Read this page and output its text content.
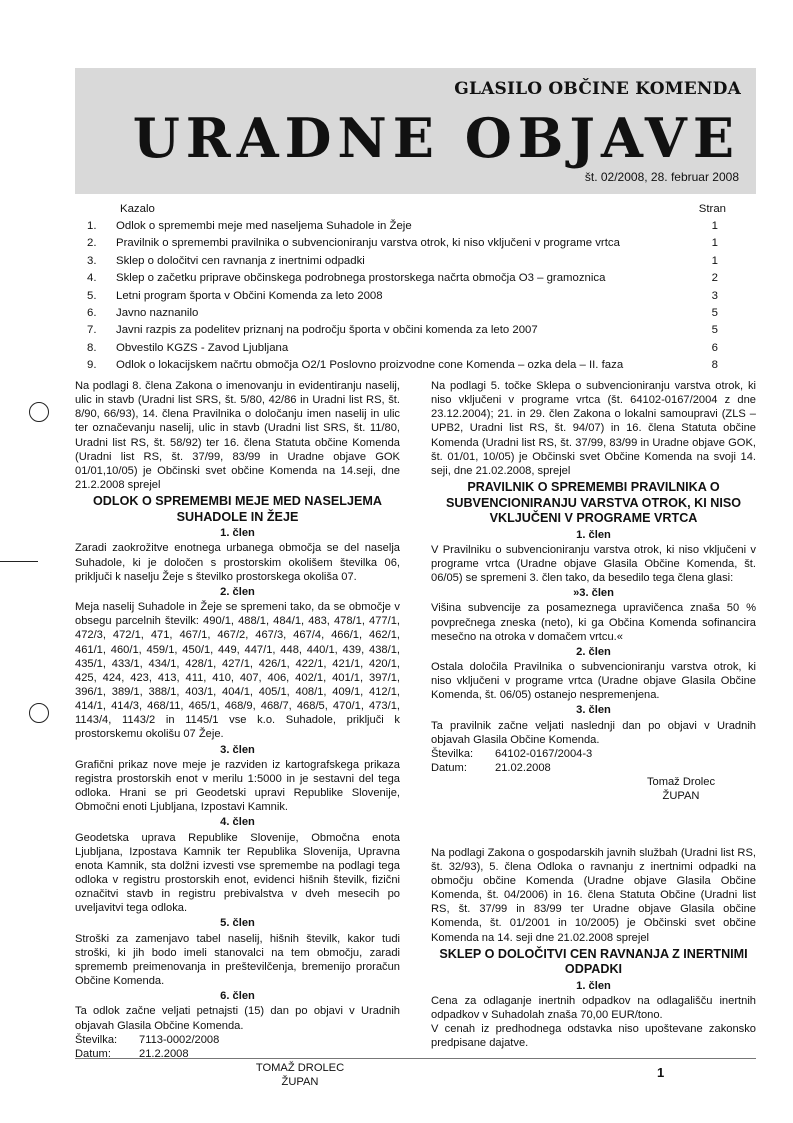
GLASILO OBČINE KOMENDA
URADNE OBJAVE
št. 02/2008, 28. februar 2008
Kazalo	Stran
1. Odlok o spremembi meje med naseljema Suhadole in Žeje	1
2. Pravilnik o spremembi pravilnika o subvencioniranju varstva otrok, ki niso vključeni v programe vrtca	1
3. Sklep o določitvi cen ravnanja z inertnimi odpadki	1
4. Sklep o začetku priprave občinskega podrobnega prostorskega načrta območja O3 – gramoznica	2
5. Letni program športa v Občini Komenda za leto 2008	3
6. Javno naznanilo	5
7. Javni razpis za podelitev priznanj na področju športa v občini komenda za leto 2007	5
8. Obvestilo KGZS - Zavod Ljubljana	6
9. Odlok o lokacijskem načrtu območja O2/1 Poslovno proizvodne cone Komenda – ozka dela – II. faza	8

Na podlagi 8. člena Zakona o imenovanju in evidentiranju naselij, ulic in stavb (Uradni list SRS, št. 5/80, 42/86 in Uradni list RS, št. 8/90, 66/93), 14. člena Pravilnika o določanju imen naselij in ulic ter označevanju naselij, ulic in stavb (Uradni list SRS, št. 11/80, Uradni list RS, št. 58/92) ter 16. člena Statuta občine Komenda (Uradni list RS, št. 37/99, 83/99 in Uradne objave GOK 01/01,10/05) je Občinski svet občine Komenda na 14.seji, dne 21.2.2008 sprejel

ODLOK O SPREMEMBI MEJE MED NASELJEMA SUHADOLE IN ŽEJE
1. člen

Zaradi zaokrožitve enotnega urbanega območja se del naselja Suhadole, ki je določen s prostorskim okolišem številka 06, priključi k naselju Žeje s številko prostorskega okoliša 07.

2. člen

Meja naselij Suhadole in Žeje se spremeni tako, da se območje v obsegu parcelnih številk: 490/1, 488/1, 484/1, 483, 478/1, 477/1, 472/3, 472/1, 471, 467/1, 467/2, 467/3, 467/4, 466/1, 462/1, 461/1, 460/1, 459/1, 450/1, 449, 447/1, 448, 440/1, 439, 438/1, 435/1, 433/1, 434/1, 428/1, 427/1, 426/1, 422/1, 421/1, 420/1, 425, 424, 423, 413, 411, 410, 407, 406, 402/1, 401/1, 397/1, 396/1, 389/1, 388/1, 403/1, 404/1, 405/1, 408/1, 409/1, 412/1, 414/1, 414/3, 468/11, 465/1, 468/9, 468/7, 468/5, 470/1, 473/1, 1143/4, 1143/2 in 1145/1 vse k.o. Suhadole, priključi k prostorskemu okolišu 07 Žeje.

3. člen

Grafični prikaz nove meje je razviden iz kartografskega prikaza registra prostorskih enot v merilu 1:5000 in je sestavni del tega odloka. Hrani se pri Geodetski upravi Republike Slovenije, Območni enoti Ljubljana, Izpostavi Kamnik.

4. člen

Geodetska uprava Republike Slovenije, Območna enota Ljubljana, Izpostava Kamnik ter Republika Slovenija, Upravna enota Kamnik, sta dolžni izvesti vse spremembe na podlagi tega odloka v registru prostorskih enot, evidenci hišnih številk, fizični označitvi stavb in registru prebivalstva v dveh mesecih po uveljavitvi tega odloka.

5. člen

Stroški za zamenjavo tabel naselij, hišnih številk, kakor tudi stroški, ki jih bodo imeli stanovalci na tem območju, zaradi sprememb preimenovanja in preštevilčenja, bremenijo proračun Občine Komenda.

6. člen

Ta odlok začne veljati petnajsti (15) dan po objavi v Uradnih objavah Glasila Občine Komenda.

Številka:	7113-0002/2008
Datum:	21.2.2008
TOMAŽ DROLEC
ŽUPAN

Na podlagi 5. točke Sklepa o subvencioniranju varstva otrok, ki niso vključeni v programe vrtca (št. 64102-0167/2004 z dne 23.12.2004); 21. in 29. člen Zakona o lokalni samoupravi (ZLS – UPB2, Uradni list RS, št. 94/07) in 16. člena Statuta občine Komenda (Uradni list RS, št. 37/99, 83/99 in Uradne objave GOK, št. 01/01, 10/05) je Občinski svet Občine Komenda na svoji 14. seji, dne 21.02.2008, sprejel

PRAVILNIK O SPREMEMBI PRAVILNIKA O SUBVENCIONIRANJU VARSTVA OTROK, KI NISO VKLJUČENI V PROGRAME VRTCA
1. člen

V Pravilniku o subvencioniranju varstva otrok, ki niso vključeni v programe vrtca (Uradne objave Glasila Občine Komenda, št. 06/05) se spremeni 3. člen tako, da besedilo tega člena glasi:

»3. člen

Višina subvencije za posameznega upravičenca znaša 50 % povprečnega zneska (neto), ki ga Občina Komenda sofinancira mesečno na otroka v domačem vrtcu.«

2. člen

Ostala določila Pravilnika o subvencioniranju varstva otrok, ki niso vključeni v programe vrtca (Uradne objave Glasila Občine Komenda, št. 06/05) ostanejo nespremenjena.

3. člen

Ta pravilnik začne veljati naslednji dan po objavi v Uradnih objavah Glasila Občine Komenda.

Številka:	64102-0167/2004-3
Datum:	21.02.2008
Tomaž Drolec
ŽUPAN

Na podlagi Zakona o gospodarskih javnih službah (Uradni list RS, št. 32/93), 5. člena Odloka o ravnanju z inertnimi odpadki na območju občine Komenda (Uradne objave Glasila Občine Komenda, št. 04/2006) in 16. člena Statuta Občine (Uradni list RS, št. 37/99 in 83/99 ter Uradne objave Glasila občine Komenda, št. 01/2001 in 10/2005) je Občinski svet občine Komenda na 14. seji dne 21.02.2008 sprejel

SKLEP O DOLOČITVI CEN RAVNANJA Z INERTNIMI ODPADKI
1. člen

Cena za odlaganje inertnih odpadkov na odlagališču inertnih odpadkov v Suhadolah znaša 70,00 EUR/tono.

V cenah iz predhodnega odstavka niso upoštevane zakonsko predpisane dajatve.

1
